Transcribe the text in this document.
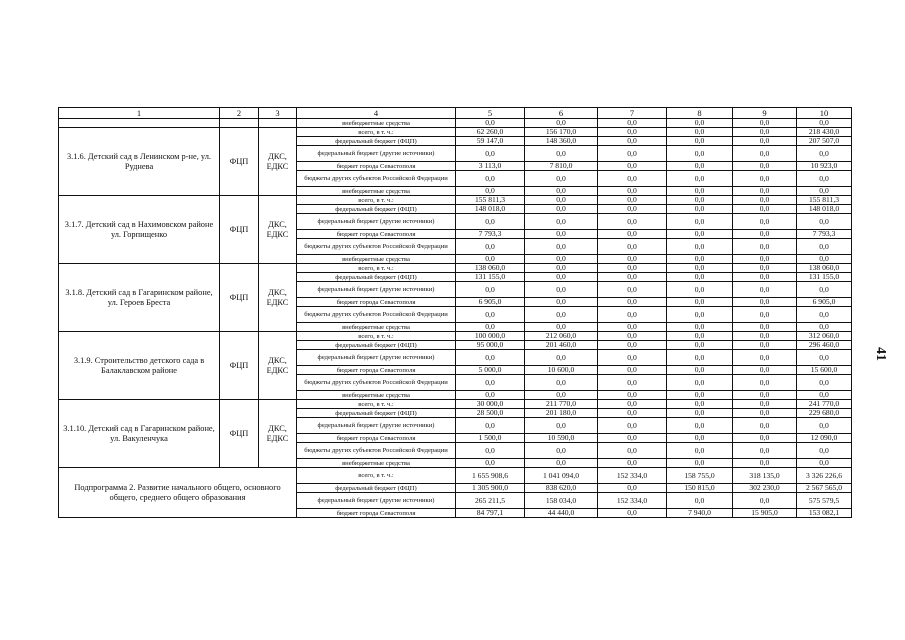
1	2	3	4	5	6	7	8	9	10
			внебюджетные средства	0,0	0,0	0,0	0,0	0,0	0,0
3.1.6. Детский сад в Ленинском р-не, ул. Руднева	ФЦП	ДКС, ЕДКС	всего, в т. ч.:	62 260,0	156 170,0	0,0	0,0	0,0	218 430,0
			федеральный бюджет (ФЦП)	59 147,0	148 360,0	0,0	0,0	0,0	207 507,0
			федеральный бюджет (другие источники)	0,0	0,0	0,0	0,0	0,0	0,0
			бюджет города Севастополя	3 113,0	7 810,0	0,0	0,0	0,0	10 923,0
			бюджеты других субъектов Российской Федерации	0,0	0,0	0,0	0,0	0,0	0,0
			внебюджетные средства	0,0	0,0	0,0	0,0	0,0	0,0
3.1.7. Детский сад в Нахимовском районе ул. Горпищенко	ФЦП	ДКС, ЕДКС	всего, в т. ч.:	155 811,3	0,0	0,0	0,0	0,0	155 811,3
			федеральный бюджет (ФЦП)	148 018,0	0,0	0,0	0,0	0,0	148 018,0
			федеральный бюджет (другие источники)	0,0	0,0	0,0	0,0	0,0	0,0
			бюджет города Севастополя	7 793,3	0,0	0,0	0,0	0,0	7 793,3
			бюджеты других субъектов Российской Федерации	0,0	0,0	0,0	0,0	0,0	0,0
			внебюджетные средства	0,0	0,0	0,0	0,0	0,0	0,0
3.1.8. Детский сад в Гагаринском районе, ул. Героев Бреста	ФЦП	ДКС, ЕДКС	всего, в т. ч.:	138 060,0	0,0	0,0	0,0	0,0	138 060,0
			федеральный бюджет (ФЦП)	131 155,0	0,0	0,0	0,0	0,0	131 155,0
			федеральный бюджет (другие источники)	0,0	0,0	0,0	0,0	0,0	0,0
			бюджет города Севастополя	6 905,0	0,0	0,0	0,0	0,0	6 905,0
			бюджеты других субъектов Российской Федерации	0,0	0,0	0,0	0,0	0,0	0,0
			внебюджетные средства	0,0	0,0	0,0	0,0	0,0	0,0
3.1.9. Строительство детского сада в Балаклавском районе	ФЦП	ДКС, ЕДКС	всего, в т. ч.:	100 000,0	212 060,0	0,0	0,0	0,0	312 060,0
			федеральный бюджет (ФЦП)	95 000,0	201 460,0	0,0	0,0	0,0	296 460,0
			федеральный бюджет (другие источники)	0,0	0,0	0,0	0,0	0,0	0,0
			бюджет города Севастополя	5 000,0	10 600,0	0,0	0,0	0,0	15 600,0
			бюджеты других субъектов Российской Федерации	0,0	0,0	0,0	0,0	0,0	0,0
			внебюджетные средства	0,0	0,0	0,0	0,0	0,0	0,0
3.1.10. Детский сад в Гагаринском районе, ул. Вакуленчука	ФЦП	ДКС, ЕДКС	всего, в т. ч.:	30 000,0	211 770,0	0,0	0,0	0,0	241 770,0
			федеральный бюджет (ФЦП)	28 500,0	201 180,0	0,0	0,0	0,0	229 680,0
			федеральный бюджет (другие источники)	0,0	0,0	0,0	0,0	0,0	0,0
			бюджет города Севастополя	1 500,0	10 590,0	0,0	0,0	0,0	12 090,0
			бюджеты других субъектов Российской Федерации	0,0	0,0	0,0	0,0	0,0	0,0
			внебюджетные средства	0,0	0,0	0,0	0,0	0,0	0,0
Подпрограмма 2. Развитие начального общего, основного общего, среднего общего образования			всего, в т. ч.:	1 655 908,6	1 041 094,0	152 334,0	158 755,0	318 135,0	3 326 226,6
			федеральный бюджет (ФЦП)	1 305 900,0	838 620,0	0,0	150 815,0	302 230,0	2 567 565,0
			федеральный бюджет (другие источники)	265 211,5	158 034,0	152 334,0	0,0	0,0	575 579,5
			бюджет города Севастополя	84 797,1	44 440,0	0,0	7 940,0	15 905,0	153 082,1
41
